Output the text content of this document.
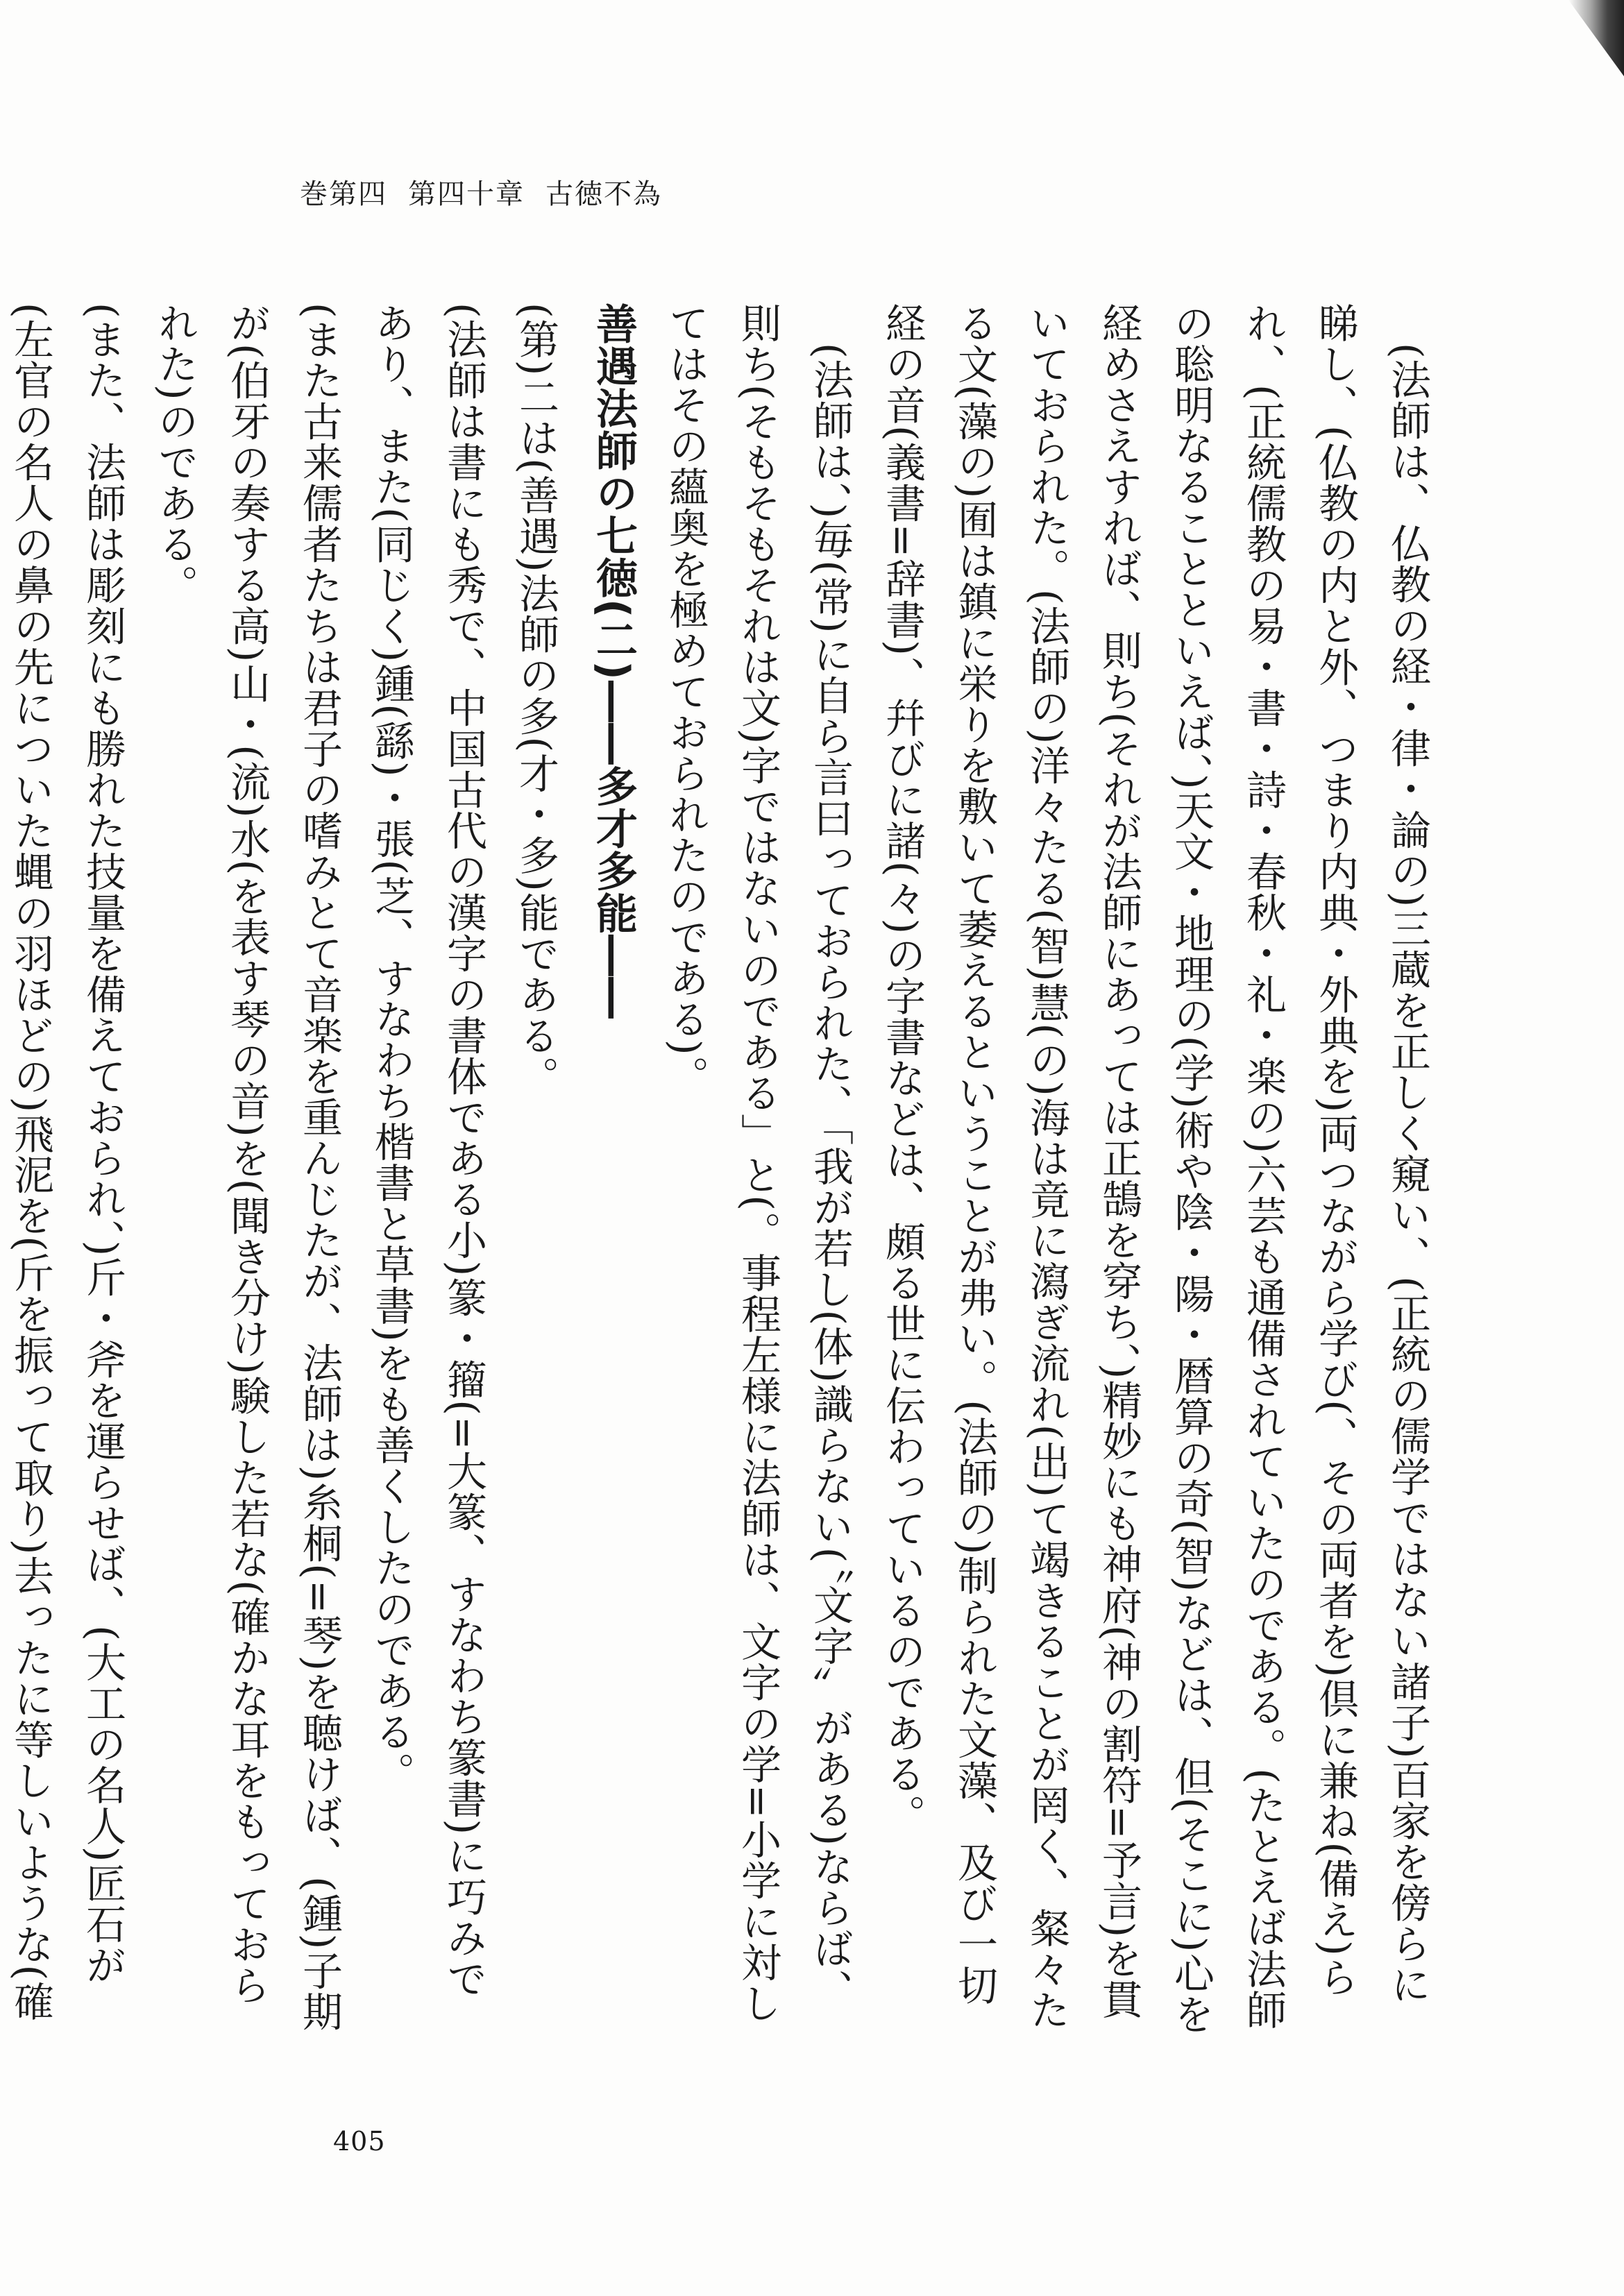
巻第四 第四十章 古徳不為

(法師は、仏教の経・律・論の)三蔵を正しく窺い、(正統の儒学ではない諸子)百家を傍らに睇し、(仏教の内と外、つまり内典・外典を)両つながら学び(、その両者を)倶に兼ね(備え)られ、(正統儒教の易・書・詩・春秋・礼・楽の)六芸も通備されていたのである。(たとえば法師の聡明なることといえば、)天文・地理の(学)術や陰・陽・暦算の奇(智)などは、但(そこに)心を経めさえすれば、則ち(それが法師にあっては正鵠を穿ち、)精妙にも神府(神の割符=予言)を貫いておられた。(法師の)洋々たる(智)慧(の)海は竟に瀉ぎ流れ(出)て竭きることが罔く、粲々たる文(藻の)囿は鎮に栄りを敷いて萎えるということが弗い。(法師の)制られた文藻、及び一切経の音(義書=辞書)、幷びに諸(々)の字書などは、頗る世に伝わっているのである。

(法師は、)毎(常)に自ら言曰っておられた、「我が若し(体)識らない(〝文字〟がある)ならば、則ち(そもそもそれは文)字ではないのである」と(。事程左様に法師は、文字の学=小学に対してはその蘊奥を極めておられたのである)。

善遇法師の七徳(二)――多才多能――

(第)二は(善遇)法師の多(才・多)能である。

(法師は書にも秀で、中国古代の漢字の書体である小)篆・籀(=大篆、すなわち篆書)に巧みであり、また(同じく)鍾(繇)・張(芝、すなわち楷書と草書)をも善くしたのである。

(また古来儒者たちは君子の嗜みとて音楽を重んじたが、法師は)糸桐(=琴)を聴けば、(鍾)子期が(伯牙の奏する高)山・(流)水(を表す琴の音)を(聞き分け)験した若な(確かな耳をもっておられた)のである。

(また、法師は彫刻にも勝れた技量を備えておられ、)斤・斧を運らせば、(大工の名人)匠石が(左官の名人の鼻の先についた蝿の羽ほどの)飛泥を(斤を振って取り)去ったに等しいような(確

405
